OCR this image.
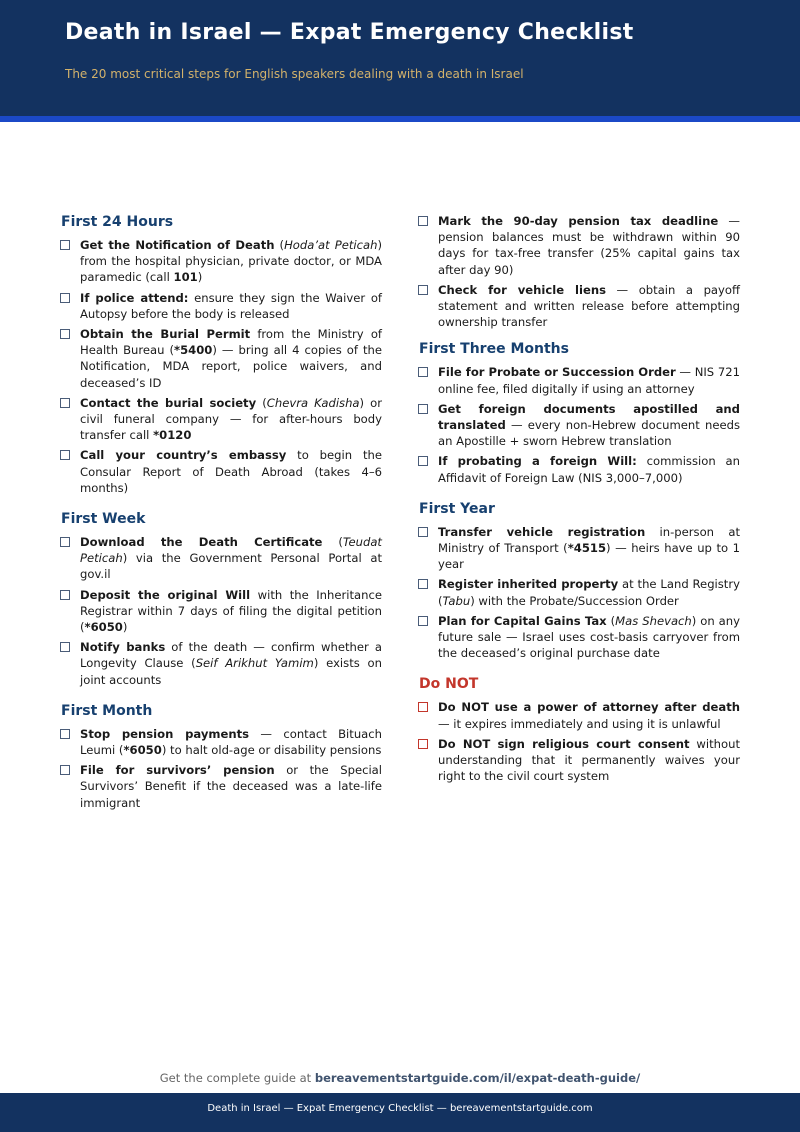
Death in Israel — Expat Emergency Checklist
The 20 most critical steps for English speakers dealing with a death in Israel
First 24 Hours
Get the Notification of Death (Hoda’at Peticah) from the hospital physician, private doctor, or MDA paramedic (call 101)
If police attend: ensure they sign the Waiver of Autopsy before the body is released
Obtain the Burial Permit from the Ministry of Health Bureau (*5400) — bring all 4 copies of the Notification, MDA report, police waivers, and deceased’s ID
Contact the burial society (Chevra Kadisha) or civil funeral company — for after-hours body transfer call *0120
Call your country’s embassy to begin the Consular Report of Death Abroad (takes 4–6 months)
First Week
Download the Death Certificate (Teudat Peticah) via the Government Personal Portal at gov.il
Deposit the original Will with the Inheritance Registrar within 7 days of filing the digital petition (*6050)
Notify banks of the death — confirm whether a Longevity Clause (Seif Arikhut Yamim) exists on joint accounts
First Month
Stop pension payments — contact Bituach Leumi (*6050) to halt old-age or disability pensions
File for survivors’ pension or the Special Survivors’ Benefit if the deceased was a late-life immigrant
Mark the 90-day pension tax deadline — pension balances must be withdrawn within 90 days for tax-free transfer (25% capital gains tax after day 90)
Check for vehicle liens — obtain a payoff statement and written release before attempting ownership transfer
First Three Months
File for Probate or Succession Order — NIS 721 online fee, filed digitally if using an attorney
Get foreign documents apostilled and translated — every non-Hebrew document needs an Apostille + sworn Hebrew translation
If probating a foreign Will: commission an Affidavit of Foreign Law (NIS 3,000–7,000)
First Year
Transfer vehicle registration in-person at Ministry of Transport (*4515) — heirs have up to 1 year
Register inherited property at the Land Registry (Tabu) with the Probate/Succession Order
Plan for Capital Gains Tax (Mas Shevach) on any future sale — Israel uses cost-basis carryover from the deceased’s original purchase date
Do NOT
Do NOT use a power of attorney after death — it expires immediately and using it is unlawful
Do NOT sign religious court consent without understanding that it permanently waives your right to the civil court system
Get the complete guide at bereavementstartguide.com/il/expat-death-guide/
Death in Israel — Expat Emergency Checklist — bereavementstartguide.com
